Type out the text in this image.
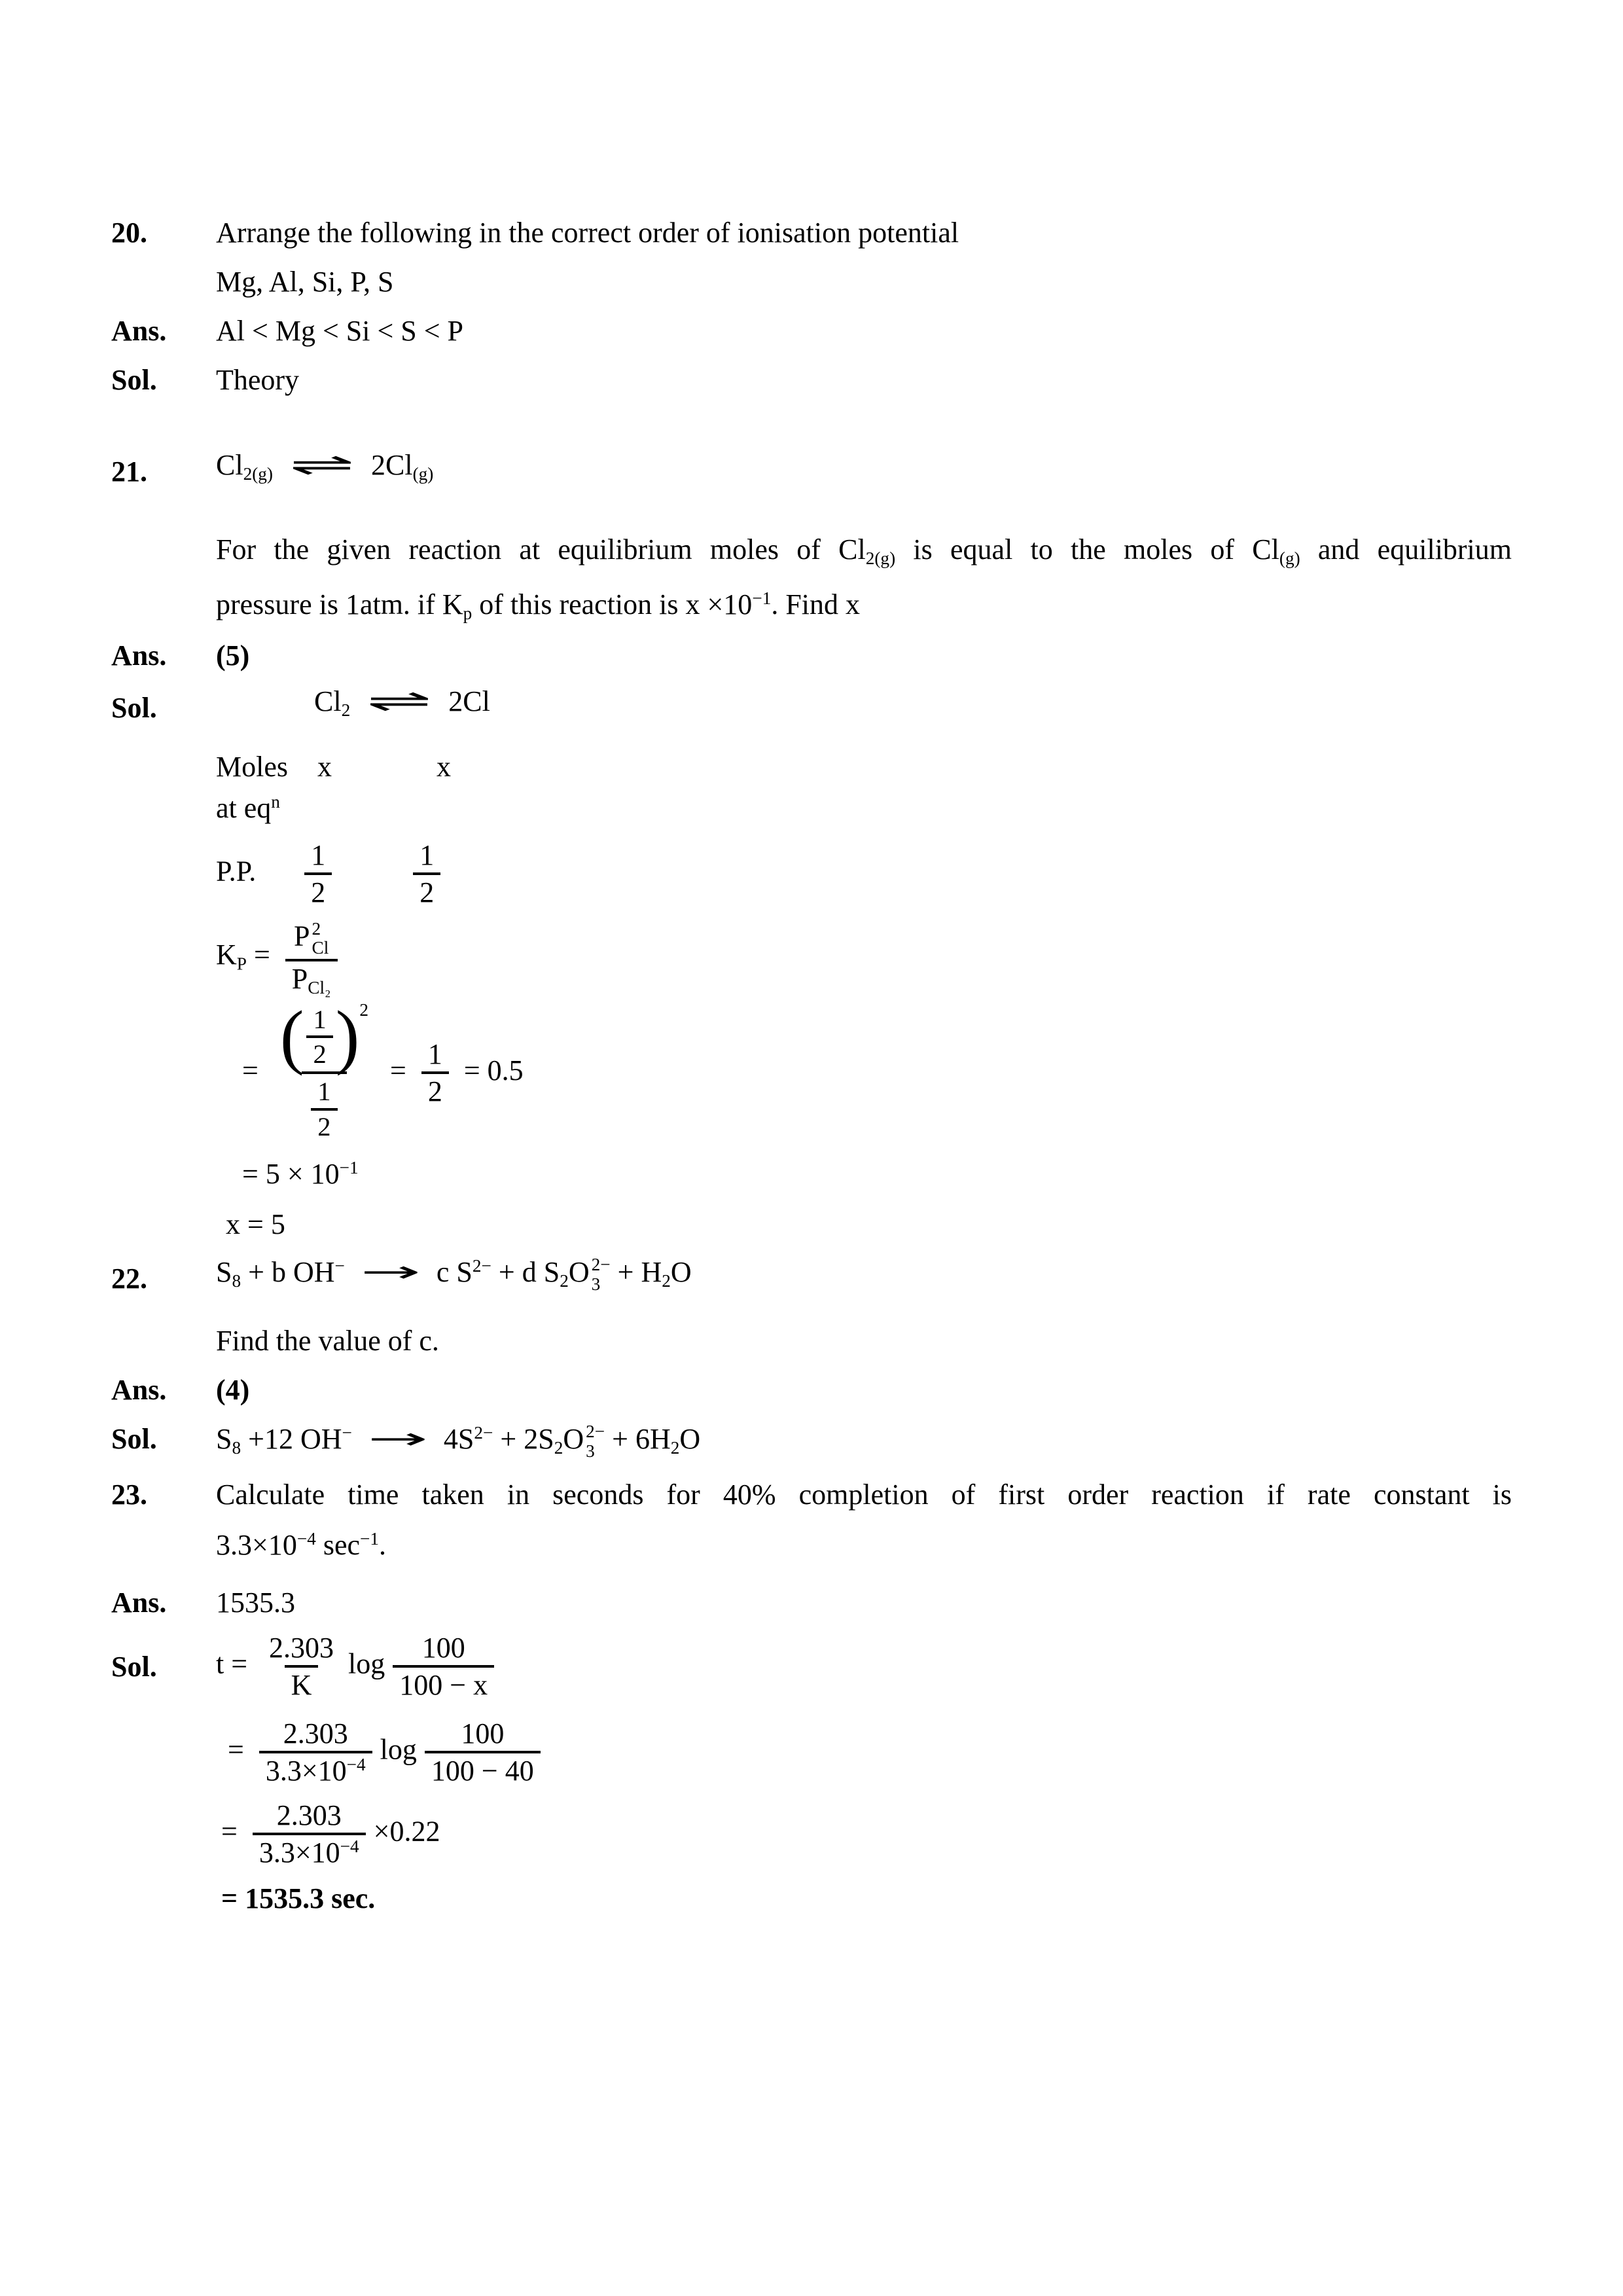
20.	Arrange the following in the correct order of ionisation potential
Mg, Al, Si, P, S
Ans.	Al < Mg < Si < S < P
Sol.	Theory
21.	$Cl_{2(g)}$ ⇌ $2Cl_{(g)}$
For the given reaction at equilibrium moles of $Cl_{2(g)}$ is equal to the moles of $Cl_{(g)}$ and equilibrium
pressure is 1atm. if $K_p$ of this reaction is $x \times 10^{-1}$. Find x
Ans.	(5)
Sol.	$Cl_2$ ⇌ 2Cl
Moles x	x
at $eq^n$
P.P. $\frac{1}{2}$	$\frac{1}{2}$
$K_P = P$ 2
Cl
$P_{Cl_2}$
= $\frac{( \frac{1}{2} ) 2}{\frac{1}{2}} = \frac{1}{2} = 0.5$
= $5 \times 10^{-1}$
x = 5
22.	$S_8 + b$ OH− → c $S^{2-} + d$ $S_2O$ 2−
$3 + H_2O$
Find the value of c.
Ans.	(4)
Sol.	$S_8 +12$ $OH^- \to 4S^{2-} + 2S_2O$ 2−
$3 + 6H_2O$
23.	Calculate time taken in seconds for 40% completion of first order reaction if rate constant is
$3.3\times 10^{-4}$ $\sec^{-1}$.
Ans.	1535.3
Sol.	$t = \frac{2.303}{K}$ $\log \frac{100}{100 - x}$
= $\frac{2.303}{3.3\times 10^{-4}}$ $\log \frac{100}{100 - 40}$
= $\frac{2.303}{3.3\times 10^{-4}} \times 0.22$
= 1535.3 sec.
